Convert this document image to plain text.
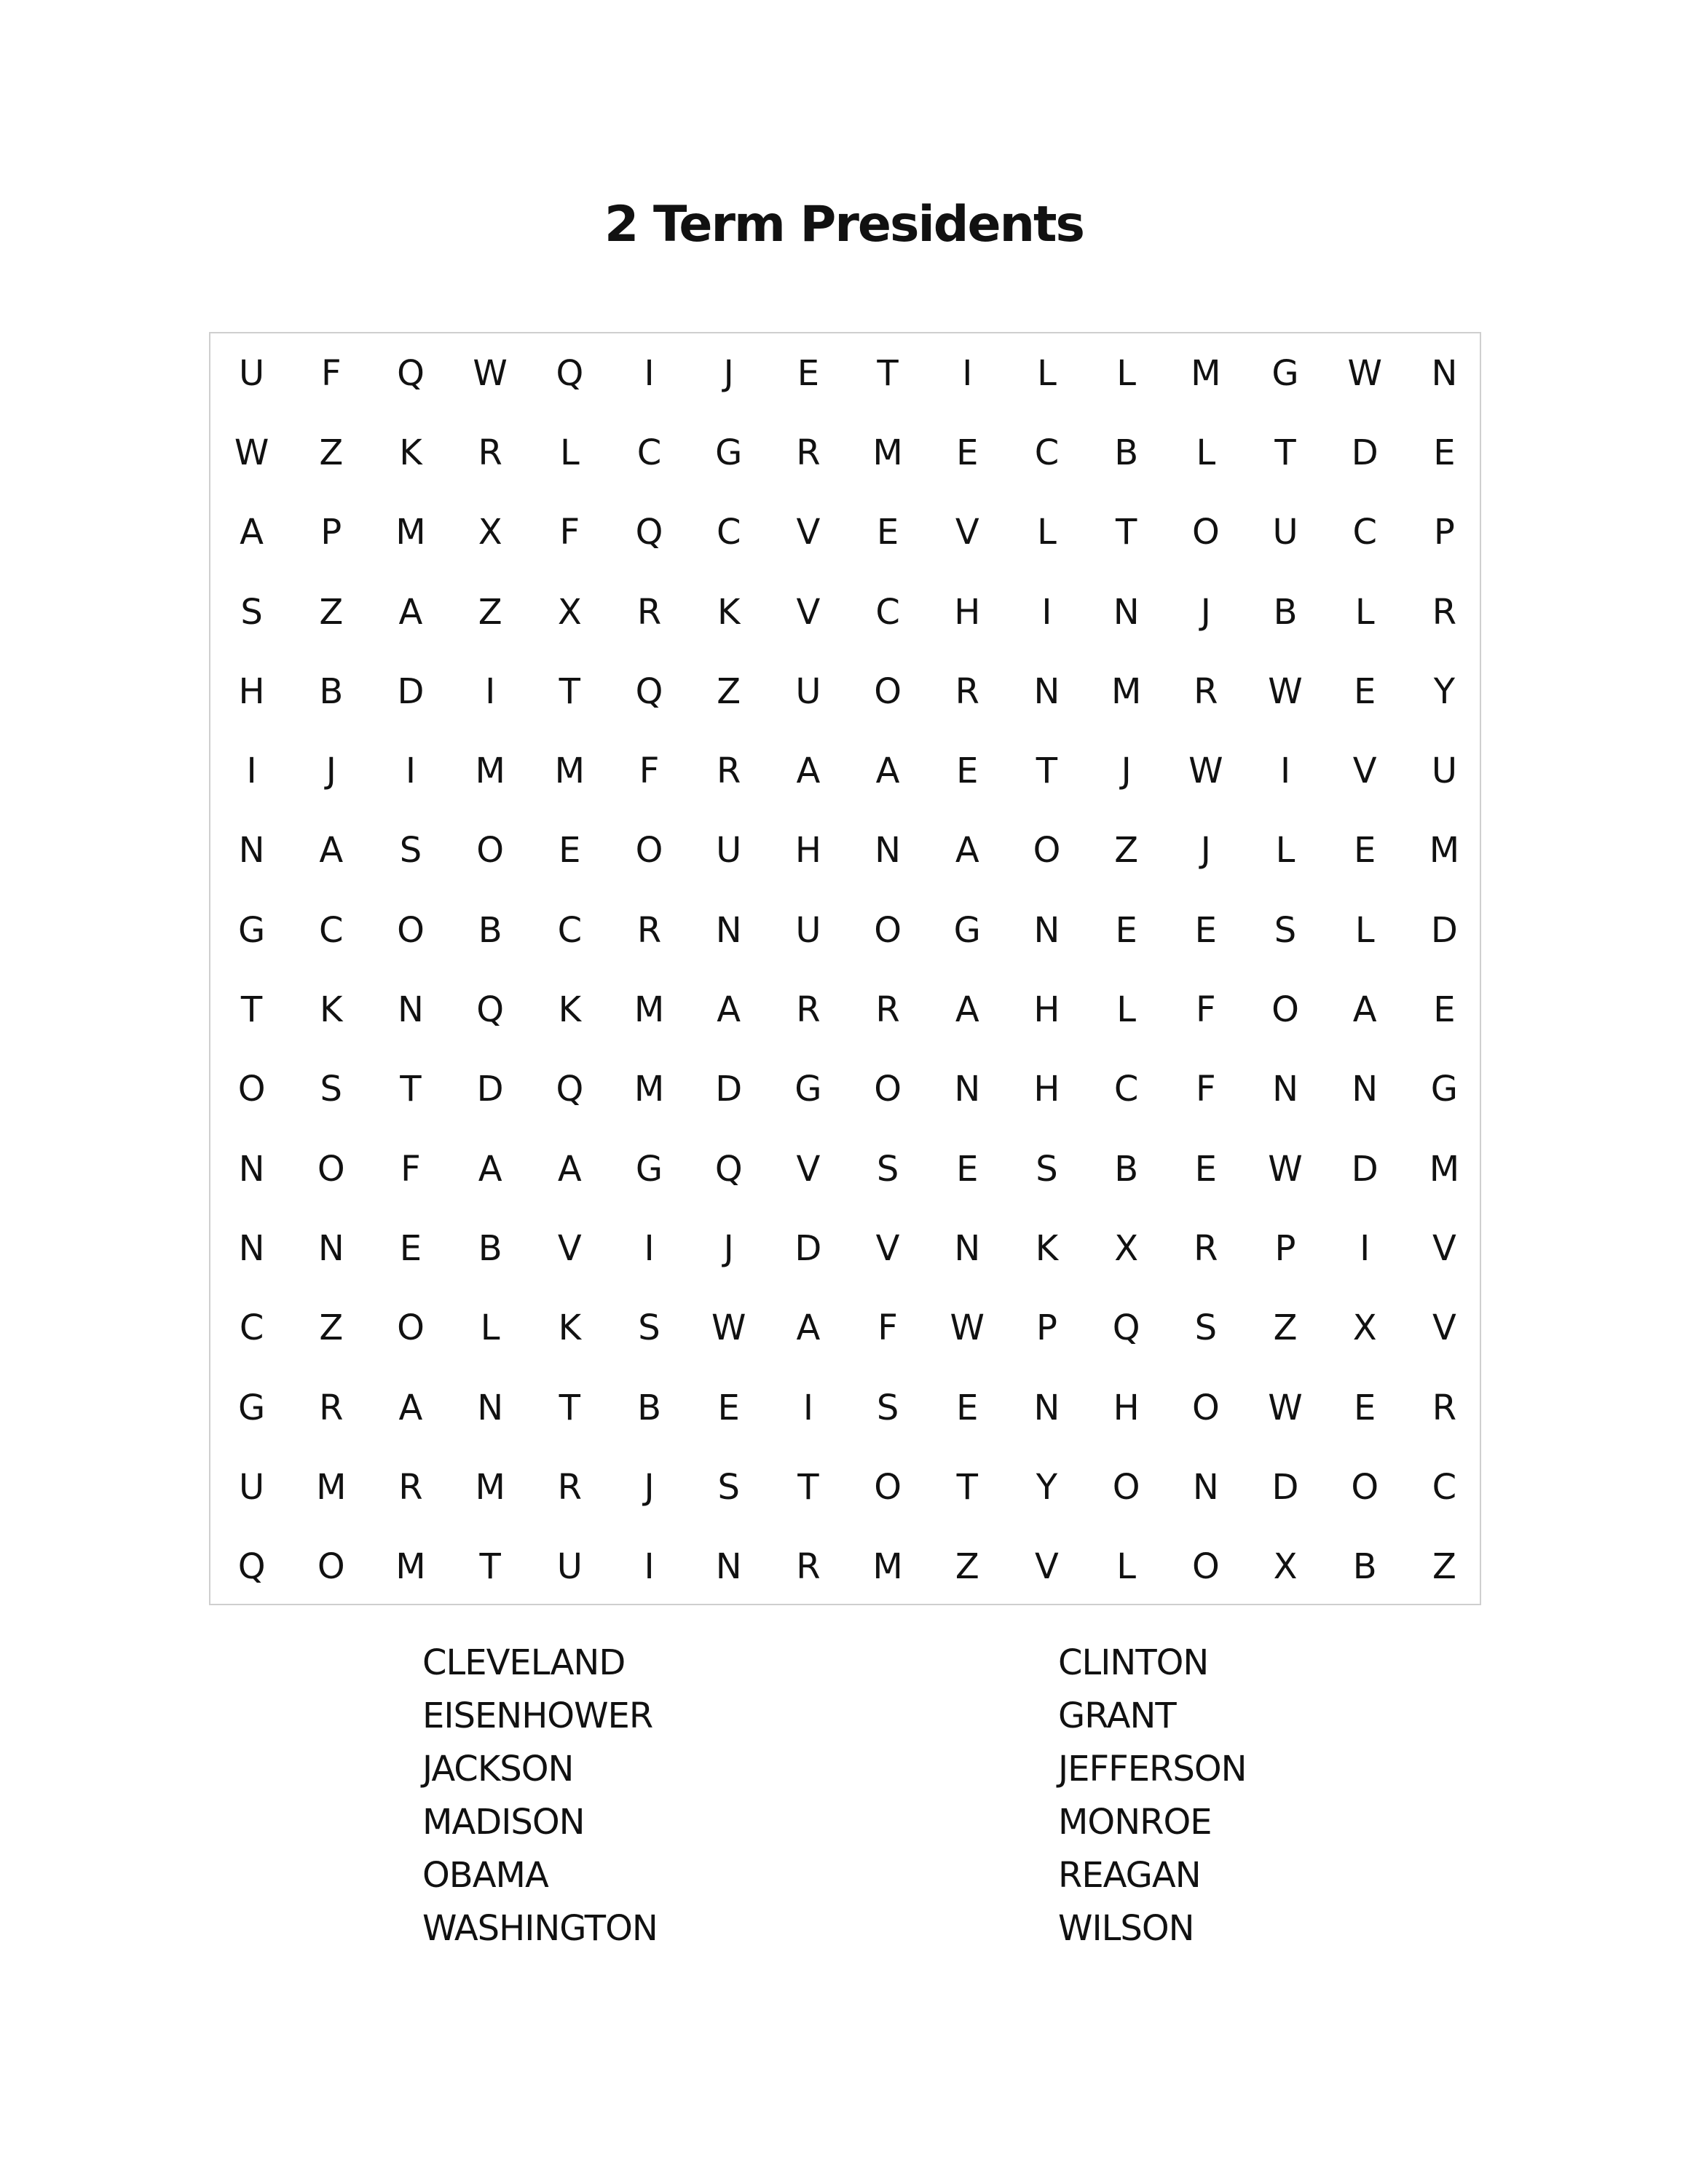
2 Term Presidents
U	F	Q	W	Q	I	J	E	T	I	L	L	M	G	W	N
W	Z	K	R	L	C	G	R	M	E	C	B	L	T	D	E
A	P	M	X	F	Q	C	V	E	V	L	T	O	U	C	P
S	Z	A	Z	X	R	K	V	C	H	I	N	J	B	L	R
H	B	D	I	T	Q	Z	U	O	R	N	M	R	W	E	Y
I	J	I	M	M	F	R	A	A	E	T	J	W	I	V	U
N	A	S	O	E	O	U	H	N	A	O	Z	J	L	E	M
G	C	O	B	C	R	N	U	O	G	N	E	E	S	L	D
T	K	N	Q	K	M	A	R	R	A	H	L	F	O	A	E
O	S	T	D	Q	M	D	G	O	N	H	C	F	N	N	G
N	O	F	A	A	G	Q	V	S	E	S	B	E	W	D	M
N	N	E	B	V	I	J	D	V	N	K	X	R	P	I	V
C	Z	O	L	K	S	W	A	F	W	P	Q	S	Z	X	V
G	R	A	N	T	B	E	I	S	E	N	H	O	W	E	R
U	M	R	M	R	J	S	T	O	T	Y	O	N	D	O	C
Q	O	M	T	U	I	N	R	M	Z	V	L	O	X	B	Z
CLEVELAND
EISENHOWER
JACKSON
MADISON
OBAMA
WASHINGTON
CLINTON
GRANT
JEFFERSON
MONROE
REAGAN
WILSON
